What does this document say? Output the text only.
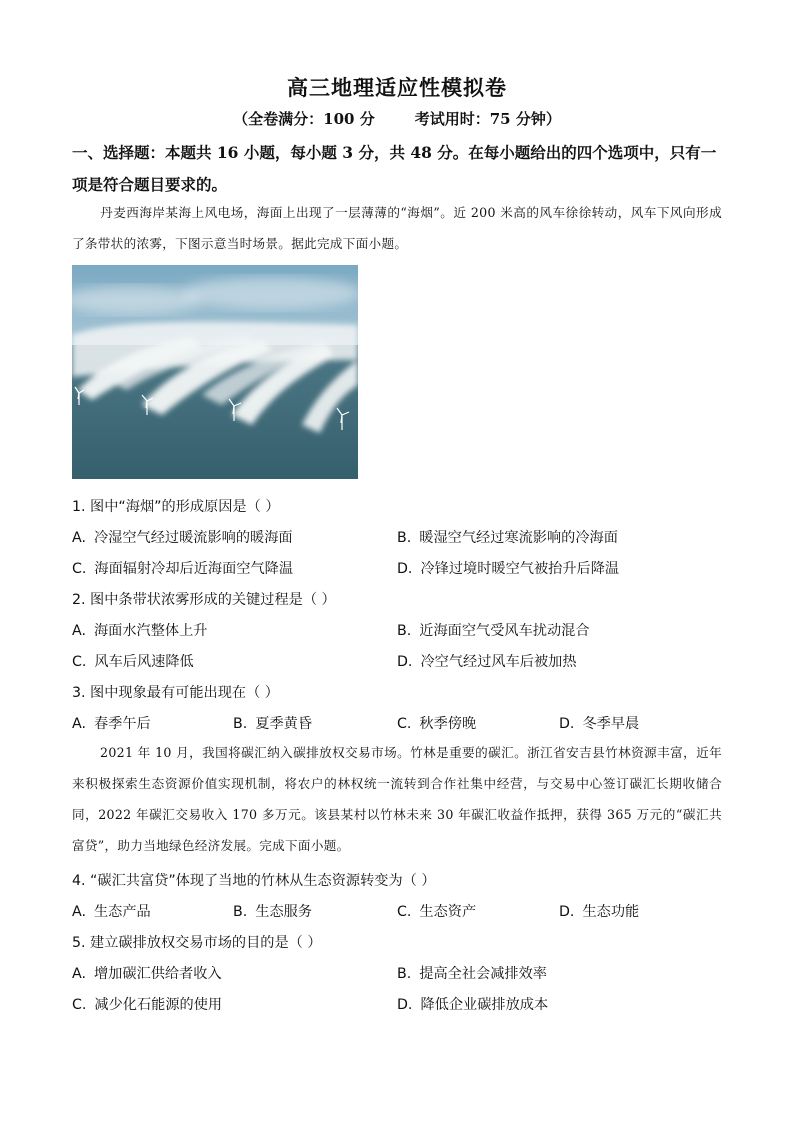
高三地理适应性模拟卷
（全卷满分：100 分	考试用时：75 分钟）
一、选择题：本题共 16 小题，每小题 3 分，共 48 分。在每小题给出的四个选项中，只有一
项是符合题目要求的。
丹麦西海岸某海上风电场，海面上出现了一层薄薄的“海烟”。近 200 米高的风车徐徐转动，风车下风向形成了条带状的浓雾，下图示意当时场景。据此完成下面小题。
1. 图中“海烟”的形成原因是（ ）
A. 冷湿空气经过暖流影响的暖海面	B. 暖湿空气经过寒流影响的冷海面
C. 海面辐射冷却后近海面空气降温	D. 冷锋过境时暖空气被抬升后降温
2. 图中条带状浓雾形成的关键过程是（ ）
A. 海面水汽整体上升	B. 近海面空气受风车扰动混合
C. 风车后风速降低	D. 冷空气经过风车后被加热
3. 图中现象最有可能出现在（ ）
A. 春季午后	B. 夏季黄昏	C. 秋季傍晚	D. 冬季早晨
2021 年 10 月，我国将碳汇纳入碳排放权交易市场。竹林是重要的碳汇。浙江省安吉县竹林资源丰富，近年来积极探索生态资源价值实现机制，将农户的林权统一流转到合作社集中经营，与交易中心签订碳汇长期收储合同，2022 年碳汇交易收入 170 多万元。该县某村以竹林未来 30 年碳汇收益作抵押，获得 365 万元的“碳汇共富贷”，助力当地绿色经济发展。完成下面小题。
4. “碳汇共富贷”体现了当地的竹林从生态资源转变为（ ）
A. 生态产品	B. 生态服务	C. 生态资产	D. 生态功能
5. 建立碳排放权交易市场的目的是（ ）
A. 增加碳汇供给者收入	B. 提高全社会减排效率
C. 减少化石能源的使用	D. 降低企业碳排放成本
